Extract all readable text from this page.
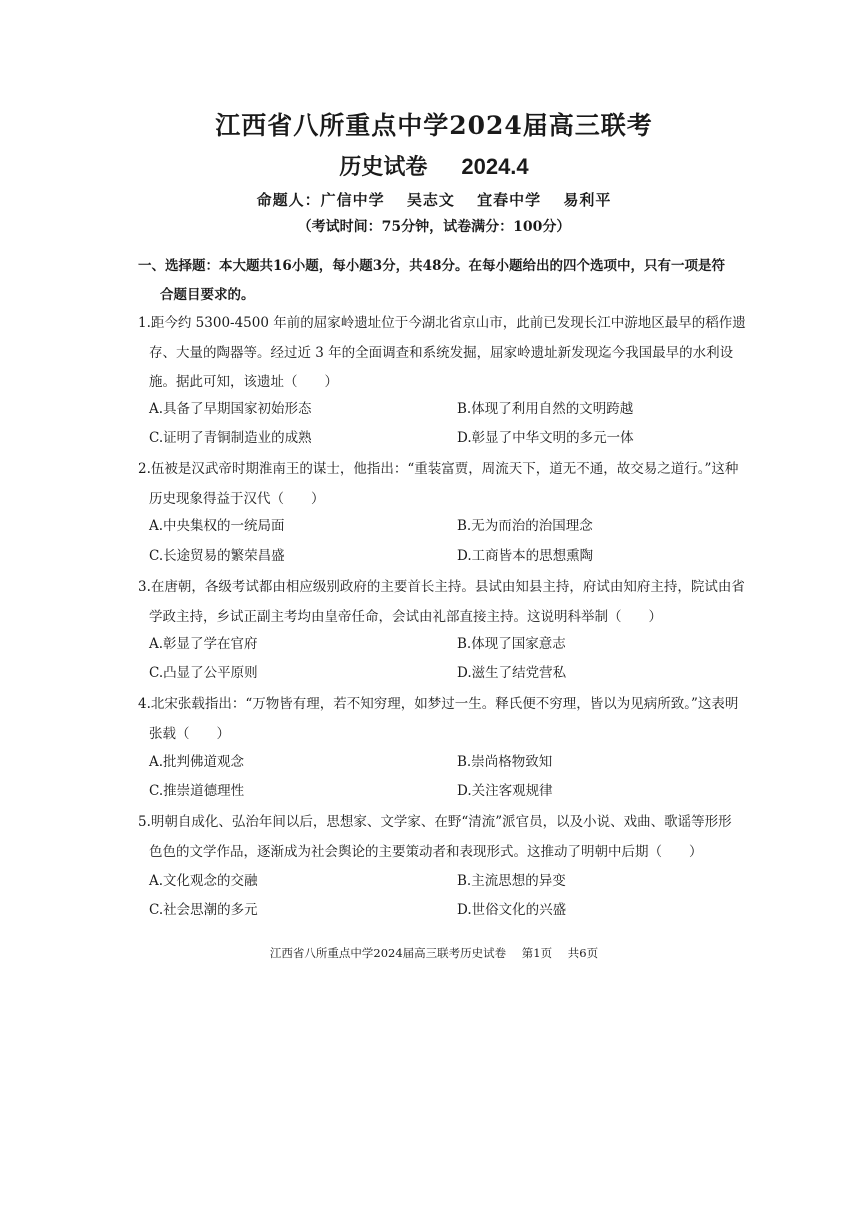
江西省八所重点中学2024届高三联考
历史试卷 2024.4
命题人：广信中学 吴志文 宜春中学 易利平
（考试时间：75分钟，试卷满分：100分）
一、选择题：本大题共16小题，每小题3分，共48分。在每小题给出的四个选项中，只有一项是符
合题目要求的。
1.距今约 5300-4500 年前的屈家岭遗址位于今湖北省京山市，此前已发现长江中游地区最早的稻作遗
存、大量的陶器等。经过近 3 年的全面调查和系统发掘，屈家岭遗址新发现迄今我国最早的水利设
施。据此可知，该遗址（　　）
A.具备了早期国家初始形态	B.体现了利用自然的文明跨越
C.证明了青铜制造业的成熟	D.彰显了中华文明的多元一体
2.伍被是汉武帝时期淮南王的谋士，他指出：“重装富贾，周流天下，道无不通，故交易之道行。”这种
历史现象得益于汉代（　　）
A.中央集权的一统局面	B.无为而治的治国理念
C.长途贸易的繁荣昌盛	D.工商皆本的思想熏陶
3.在唐朝，各级考试都由相应级别政府的主要首长主持。县试由知县主持，府试由知府主持，院试由省
学政主持，乡试正副主考均由皇帝任命，会试由礼部直接主持。这说明科举制（　　）
A.彰显了学在官府	B.体现了国家意志
C.凸显了公平原则	D.滋生了结党营私
4.北宋张载指出：“万物皆有理，若不知穷理，如梦过一生。释氏便不穷理，皆以为见病所致。”这表明
张载（　　）
A.批判佛道观念	B.崇尚格物致知
C.推崇道德理性	D.关注客观规律
5.明朝自成化、弘治年间以后，思想家、文学家、在野“清流”派官员，以及小说、戏曲、歌谣等形形
色色的文学作品，逐渐成为社会舆论的主要策动者和表现形式。这推动了明朝中后期（　　）
A.文化观念的交融	B.主流思想的异变
C.社会思潮的多元	D.世俗文化的兴盛
江西省八所重点中学2024届高三联考历史试卷 第1页 共6页
